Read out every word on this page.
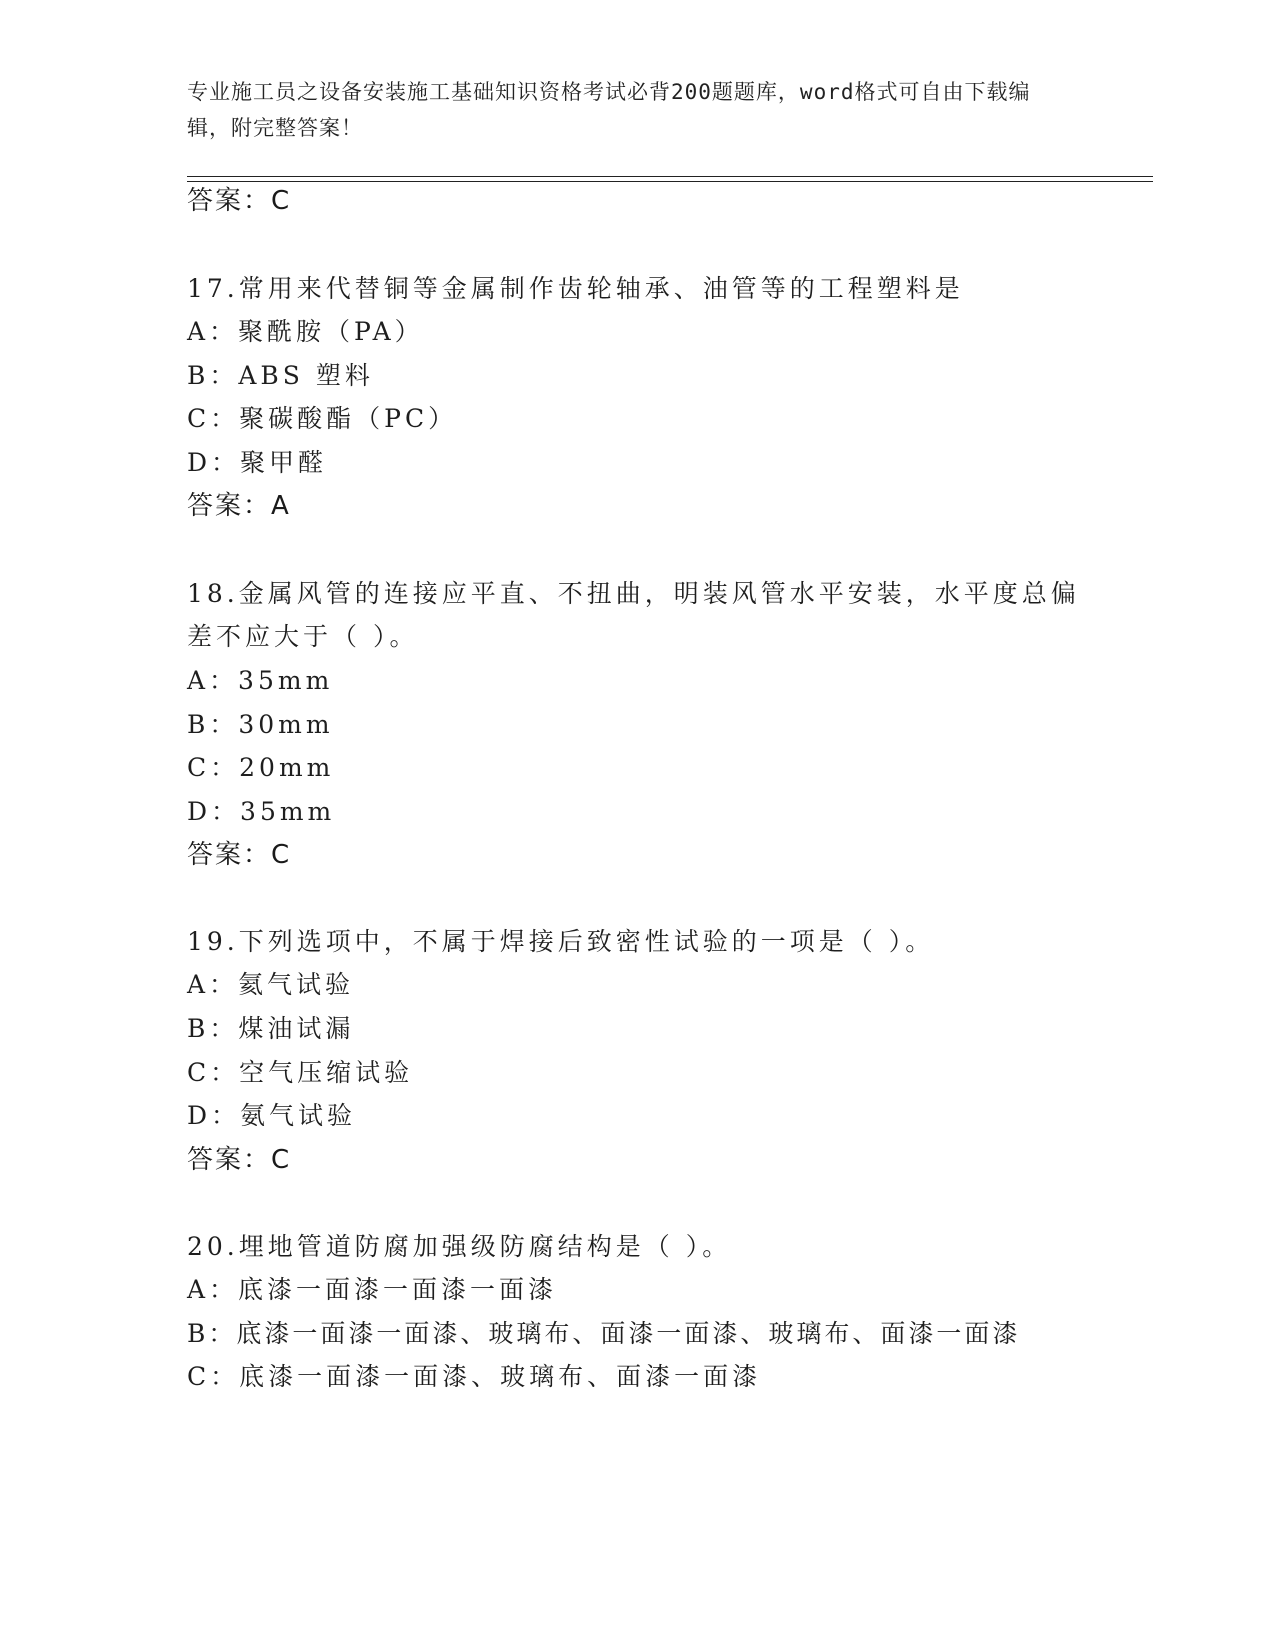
专业施工员之设备安装施工基础知识资格考试必背200题题库，word格式可自由下载编辑，附完整答案！
答案：C
17.常用来代替铜等金属制作齿轮轴承、油管等的工程塑料是
A：聚酰胺（PA）
B：ABS 塑料
C：聚碳酸酯（PC）
D：聚甲醛
答案：A
18.金属风管的连接应平直、不扭曲，明装风管水平安装，水平度总偏
差不应大于（ ）。
A：35mm
B：30mm
C：20mm
D：35mm
答案：C
19.下列选项中，不属于焊接后致密性试验的一项是（ ）。
A：氦气试验
B：煤油试漏
C：空气压缩试验
D：氨气试验
答案：C
20.埋地管道防腐加强级防腐结构是（ ）。
A：底漆一面漆一面漆一面漆
B：底漆一面漆一面漆、玻璃布、面漆一面漆、玻璃布、面漆一面漆
C：底漆一面漆一面漆、玻璃布、面漆一面漆
